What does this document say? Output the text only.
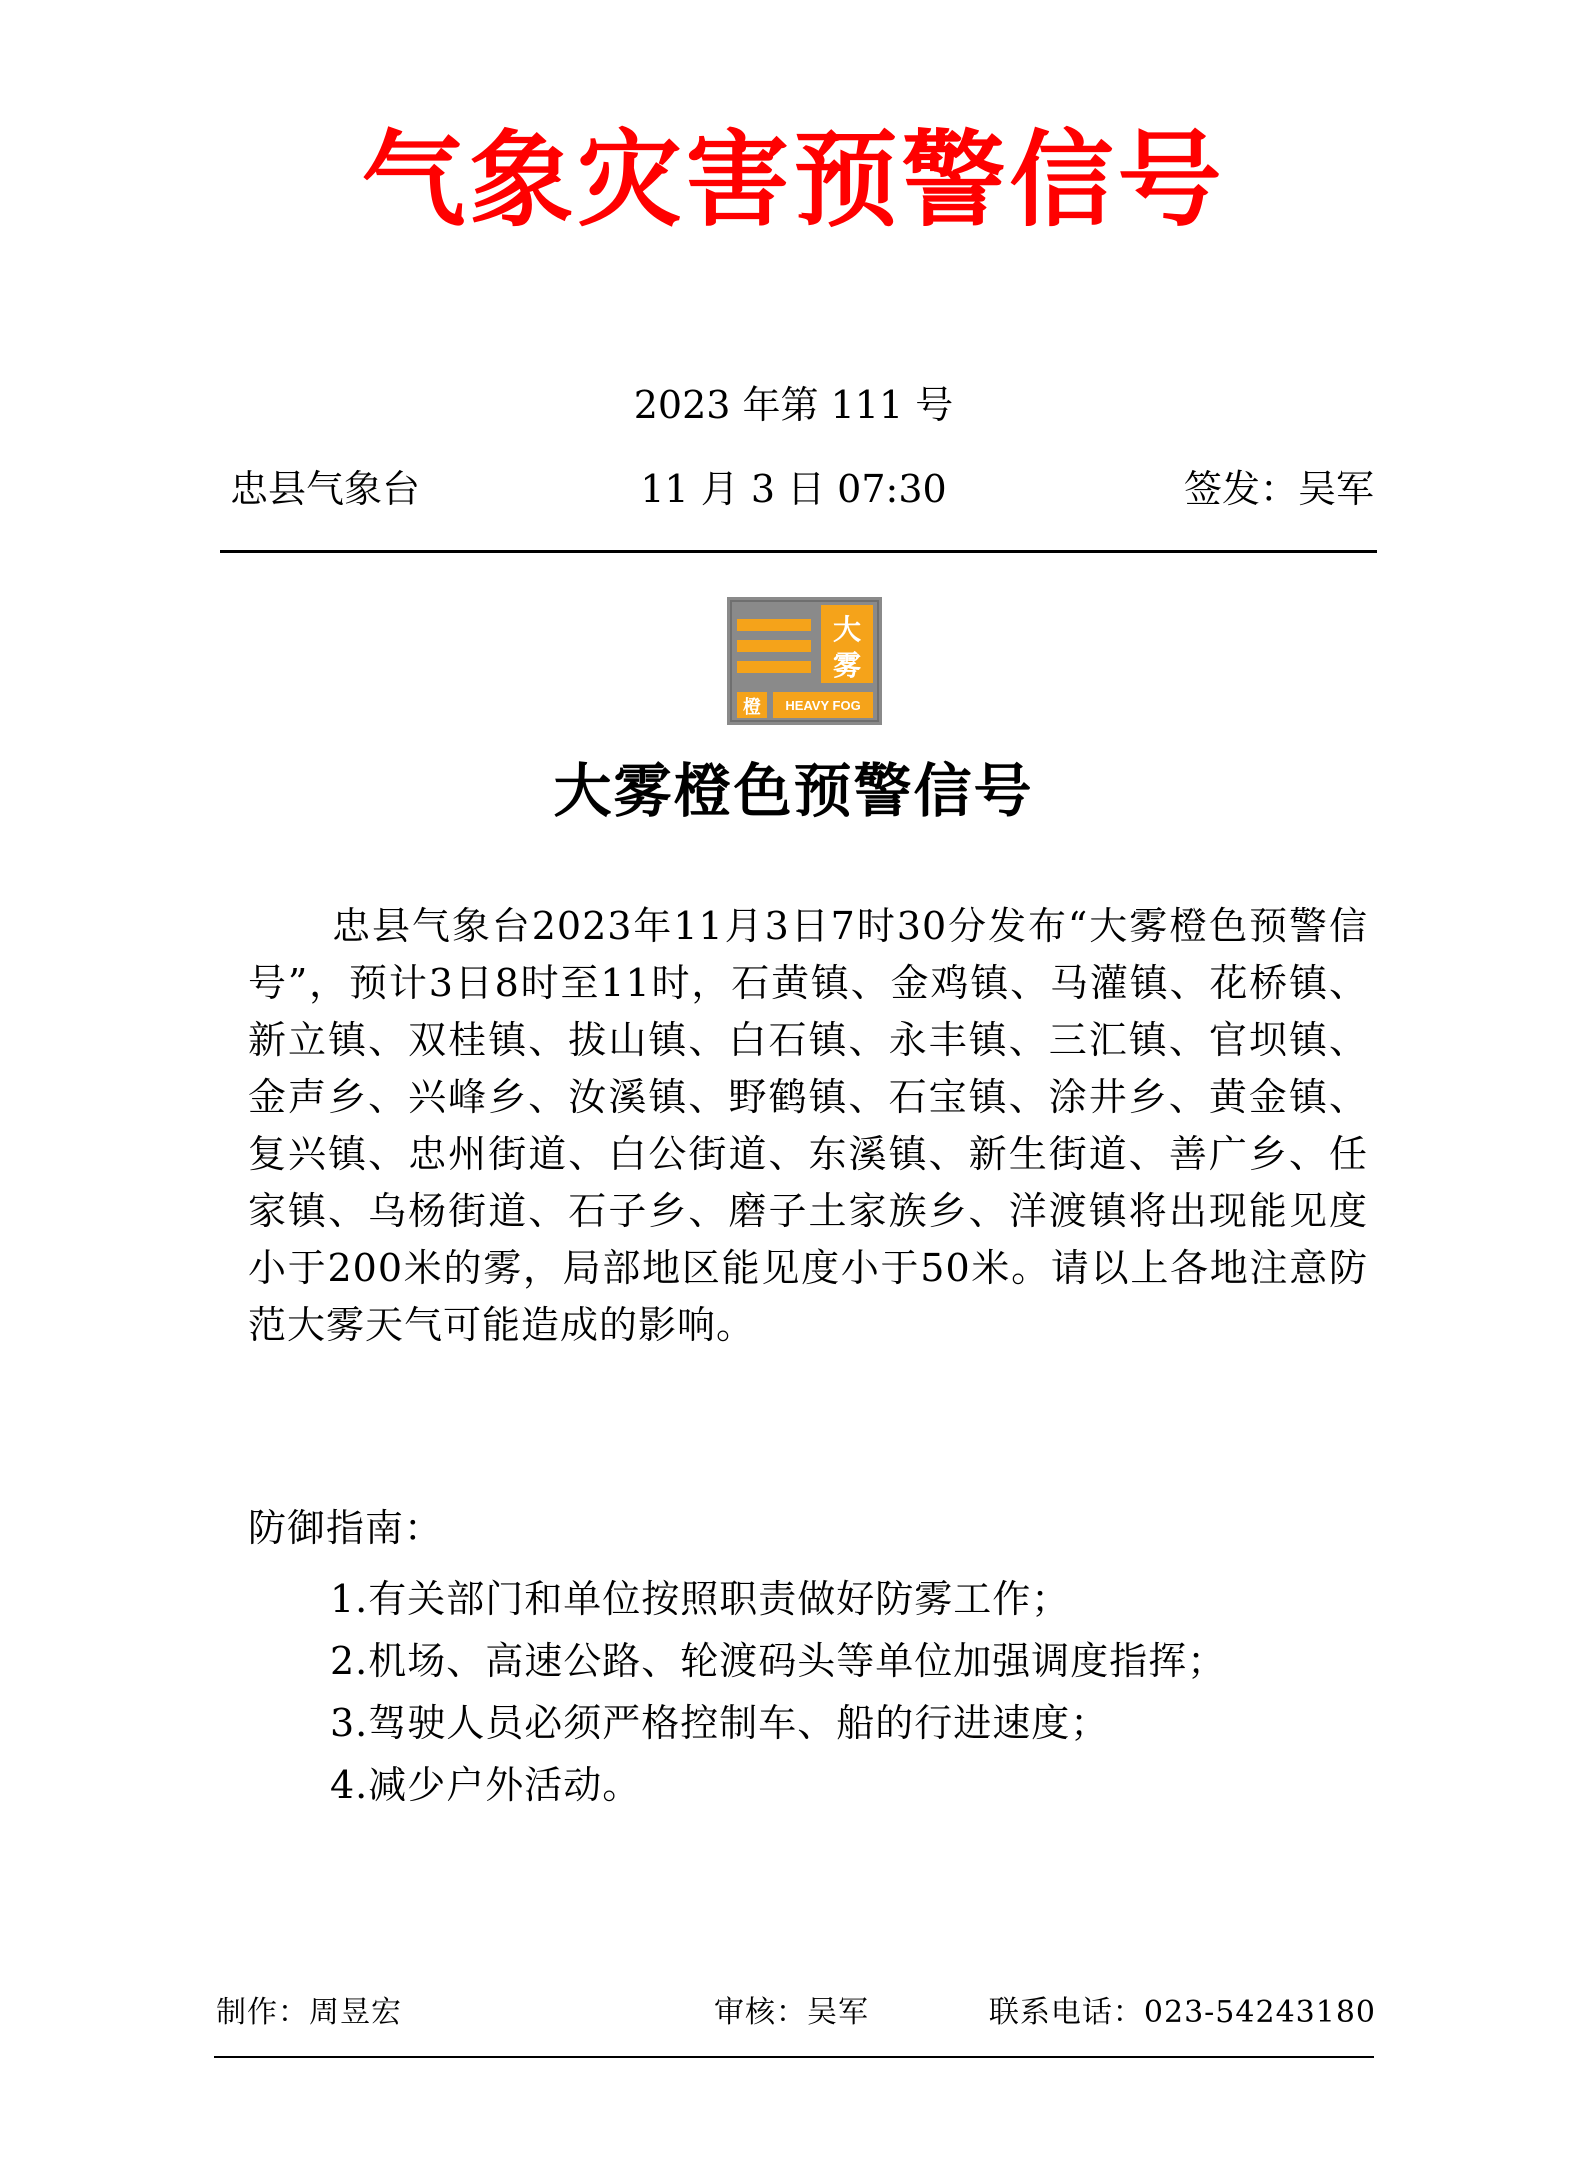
气象灾害预警信号
2023 年第 111 号
忠县气象台	11 月 3 日 07:30	签发：吴军
大
雾
橙 HEAVY FOG
大雾橙色预警信号

忠县气象台2023年11月3日7时30分发布“大雾橙色预警信号”，预计3日8时至11时，石黄镇、金鸡镇、马灌镇、花桥镇、新立镇、双桂镇、拔山镇、白石镇、永丰镇、三汇镇、官坝镇、金声乡、兴峰乡、汝溪镇、野鹤镇、石宝镇、涂井乡、黄金镇、复兴镇、忠州街道、白公街道、东溪镇、新生街道、善广乡、任家镇、乌杨街道、石子乡、磨子土家族乡、洋渡镇将出现能见度小于200米的雾，局部地区能见度小于50米。请以上各地注意防范大雾天气可能造成的影响。

防御指南：
1.有关部门和单位按照职责做好防雾工作；
2.机场、高速公路、轮渡码头等单位加强调度指挥；
3.驾驶人员必须严格控制车、船的行进速度；
4.减少户外活动。
制作：周昱宏	审核：吴军	联系电话：023-54243180
